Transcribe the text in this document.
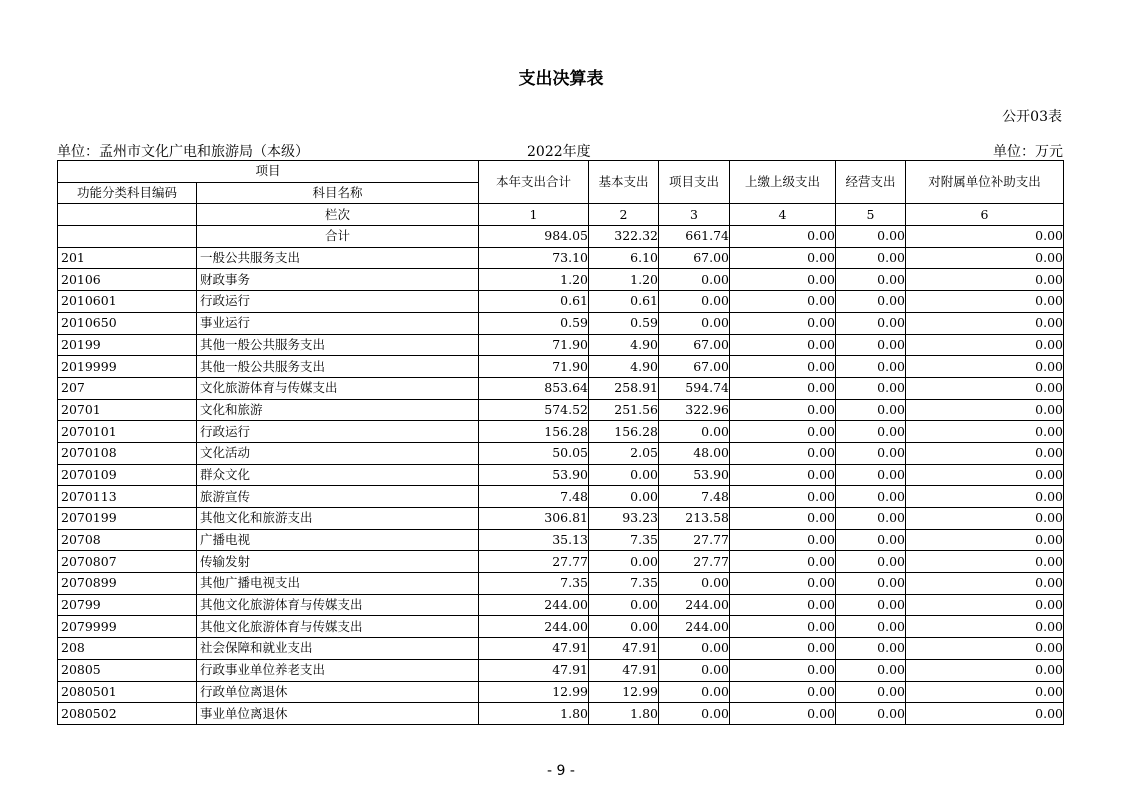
支出决算表
公开03表
单位：孟州市文化广电和旅游局（本级）	2022年度	单位：万元
项目		本年支出合计	基本支出	项目支出	上缴上级支出	经营支出	对附属单位补助支出
功能分类科目编码	科目名称						
	栏次	1	2	3	4	5	6
	合计	984.05	322.32	661.74	0.00	0.00	0.00
201	一般公共服务支出	73.10	6.10	67.00	0.00	0.00	0.00
20106	财政事务	1.20	1.20	0.00	0.00	0.00	0.00
2010601	行政运行	0.61	0.61	0.00	0.00	0.00	0.00
2010650	事业运行	0.59	0.59	0.00	0.00	0.00	0.00
20199	其他一般公共服务支出	71.90	4.90	67.00	0.00	0.00	0.00
2019999	其他一般公共服务支出	71.90	4.90	67.00	0.00	0.00	0.00
207	文化旅游体育与传媒支出	853.64	258.91	594.74	0.00	0.00	0.00
20701	文化和旅游	574.52	251.56	322.96	0.00	0.00	0.00
2070101	行政运行	156.28	156.28	0.00	0.00	0.00	0.00
2070108	文化活动	50.05	2.05	48.00	0.00	0.00	0.00
2070109	群众文化	53.90	0.00	53.90	0.00	0.00	0.00
2070113	旅游宣传	7.48	0.00	7.48	0.00	0.00	0.00
2070199	其他文化和旅游支出	306.81	93.23	213.58	0.00	0.00	0.00
20708	广播电视	35.13	7.35	27.77	0.00	0.00	0.00
2070807	传输发射	27.77	0.00	27.77	0.00	0.00	0.00
2070899	其他广播电视支出	7.35	7.35	0.00	0.00	0.00	0.00
20799	其他文化旅游体育与传媒支出	244.00	0.00	244.00	0.00	0.00	0.00
2079999	其他文化旅游体育与传媒支出	244.00	0.00	244.00	0.00	0.00	0.00
208	社会保障和就业支出	47.91	47.91	0.00	0.00	0.00	0.00
20805	行政事业单位养老支出	47.91	47.91	0.00	0.00	0.00	0.00
2080501	行政单位离退休	12.99	12.99	0.00	0.00	0.00	0.00
2080502	事业单位离退休	1.80	1.80	0.00	0.00	0.00	0.00
- 9 -
